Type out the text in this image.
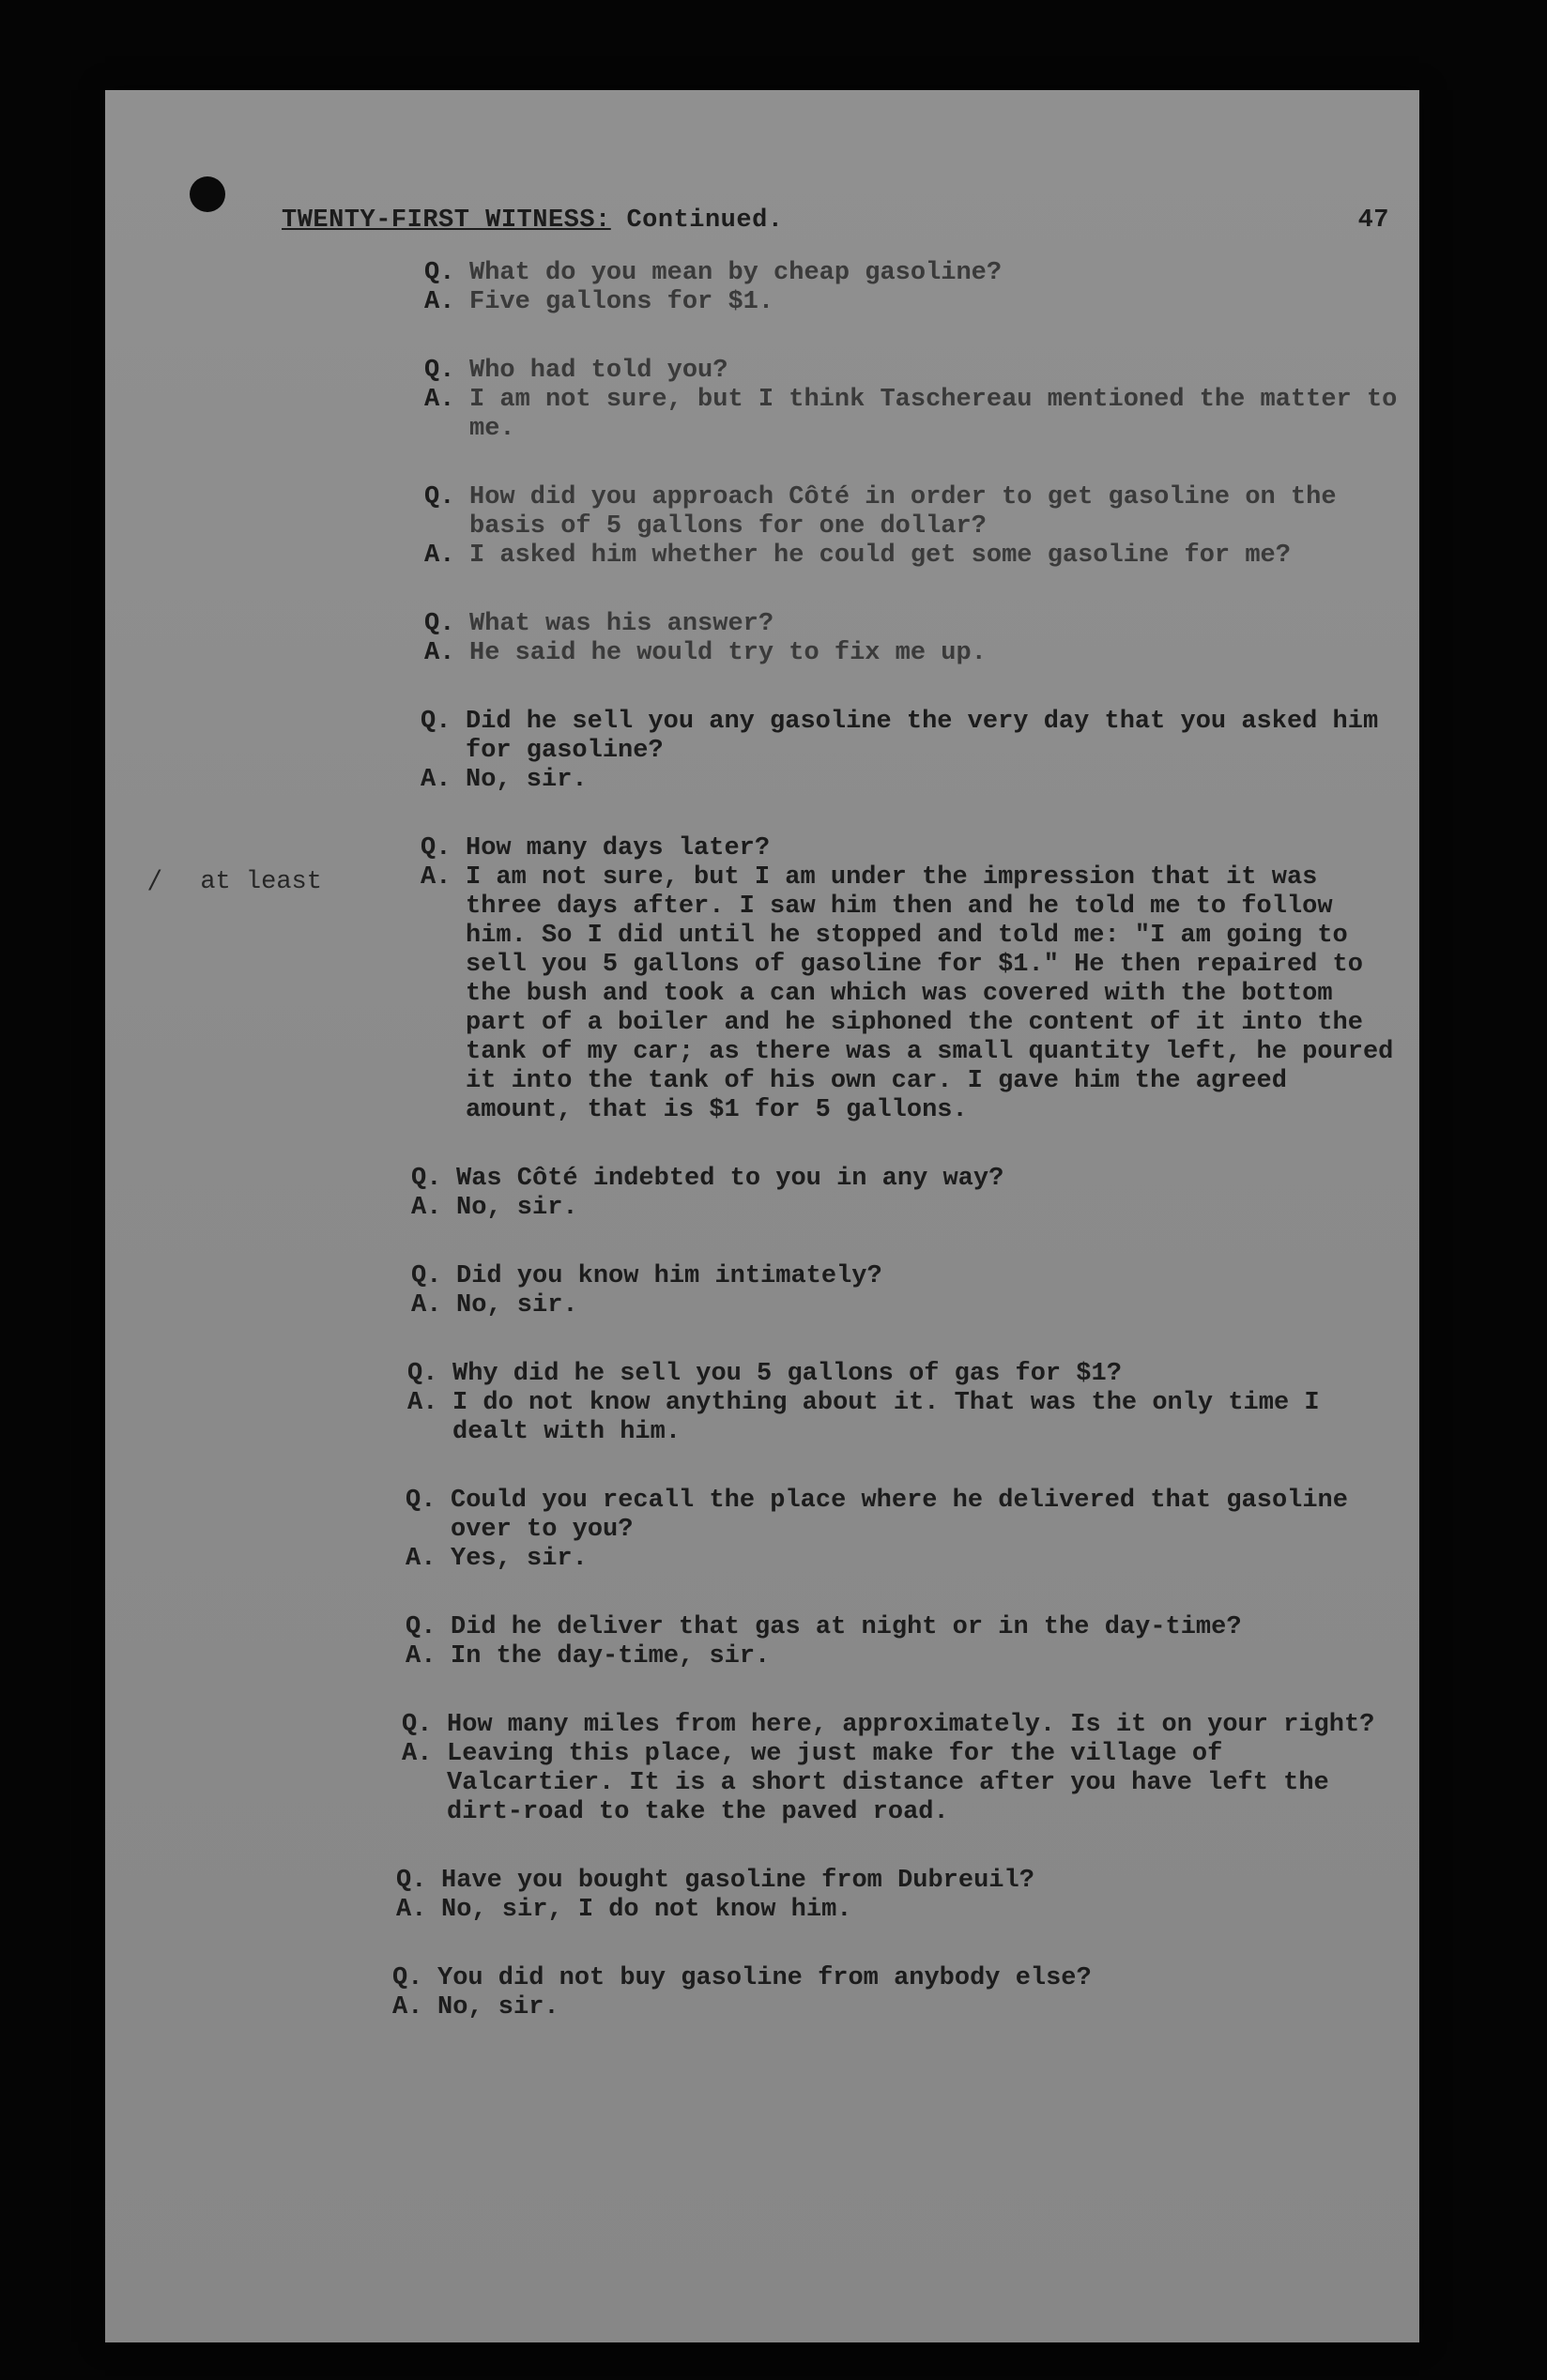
TWENTY-FIRST WITNESS: Continued.	47
/ at least
Q. What do you mean by cheap gasoline?
A. Five gallons for $1.
Q. Who had told you?
A. I am not sure, but I think Taschereau mentioned the matter to me.
Q. How did you approach Côté in order to get gasoline on the basis of 5 gallons for one dollar?
A. I asked him whether he could get some gasoline for me?
Q. What was his answer?
A. He said he would try to fix me up.
Q. Did he sell you any gasoline the very day that you asked him for gasoline?
A. No, sir.
Q. How many days later?
A. I am not sure, but I am under the impression that it was three days after. I saw him then and he told me to follow him. So I did until he stopped and told me: "I am going to sell you 5 gallons of gasoline for $1." He then repaired to the bush and took a can which was covered with the bottom part of a boiler and he siphoned the content of it into the tank of my car; as there was a small quantity left, he poured it into the tank of his own car. I gave him the agreed amount, that is $1 for 5 gallons.
Q. Was Côté indebted to you in any way?
A. No, sir.
Q. Did you know him intimately?
A. No, sir.
Q. Why did he sell you 5 gallons of gas for $1?
A. I do not know anything about it. That was the only time I dealt with him.
Q. Could you recall the place where he delivered that gasoline over to you?
A. Yes, sir.
Q. Did he deliver that gas at night or in the day-time?
A. In the day-time, sir.
Q. How many miles from here, approximately. Is it on your right?
A. Leaving this place, we just make for the village of Valcartier. It is a short distance after you have left the dirt-road to take the paved road.
Q. Have you bought gasoline from Dubreuil?
A. No, sir, I do not know him.
Q. You did not buy gasoline from anybody else?
A. No, sir.
